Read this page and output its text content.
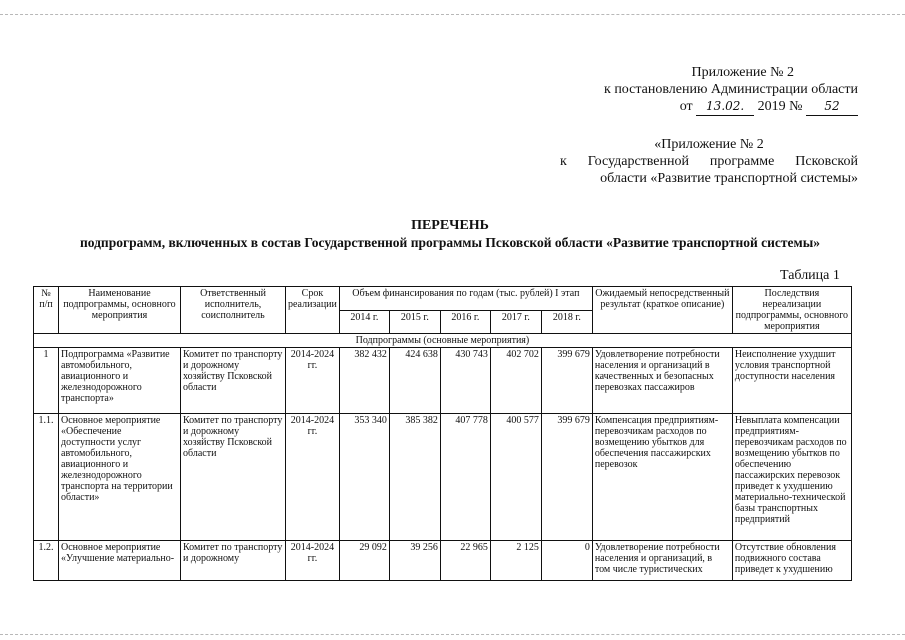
Приложение № 2
к постановлению Администрации области
от 13.02. 2019 № 52
«Приложение № 2
к Государственной программе Псковской
области «Развитие транспортной системы»
ПЕРЕЧЕНЬ
подпрограмм, включенных в состав Государственной программы Псковской области «Развитие транспортной системы»
Таблица 1
№ п/п	Наименование подпрограммы, основного мероприятия	Ответственный исполнитель, соисполнитель	Срок реализации	Объем финансирования по годам (тыс. рублей) I этап					Ожидаемый непосредственный результат (краткое описание)	Последствия нереализации подпрограммы, основного мероприятия
				2014 г.	2015 г.	2016 г.	2017 г.	2018 г.		
Подпрограммы (основные мероприятия)										
1	Подпрограмма «Развитие автомобильного, авиационного и железнодорожного транспорта»	Комитет по транспорту и дорожному хозяйству Псковской области	2014-2024 гг.	382 432	424 638	430 743	402 702	399 679	Удовлетворение потребности населения и организаций в качественных и безопасных перевозках пассажиров	Неисполнение ухудшит условия транспортной доступности населения
1.1.	Основное мероприятие «Обеспечение доступности услуг автомобильного, авиационного и железнодорожного транспорта на территории области»	Комитет по транспорту и дорожному хозяйству Псковской области	2014-2024 гг.	353 340	385 382	407 778	400 577	399 679	Компенсация предприятиям-перевозчикам расходов по возмещению убытков для обеспечения пассажирских перевозок	Невыплата компенсации предприятиям-перевозчикам расходов по возмещению убытков по обеспечению пассажирских перевозок приведет к ухудшению материально-технической базы транспортных предприятий
1.2.	Основное мероприятие «Улучшение материально-	Комитет по транспорту и дорожному	2014-2024 гг.	29 092	39 256	22 965	2 125	0	Удовлетворение потребности населения и организаций, в том числе туристических	Отсутствие обновления подвижного состава приведет к ухудшению
